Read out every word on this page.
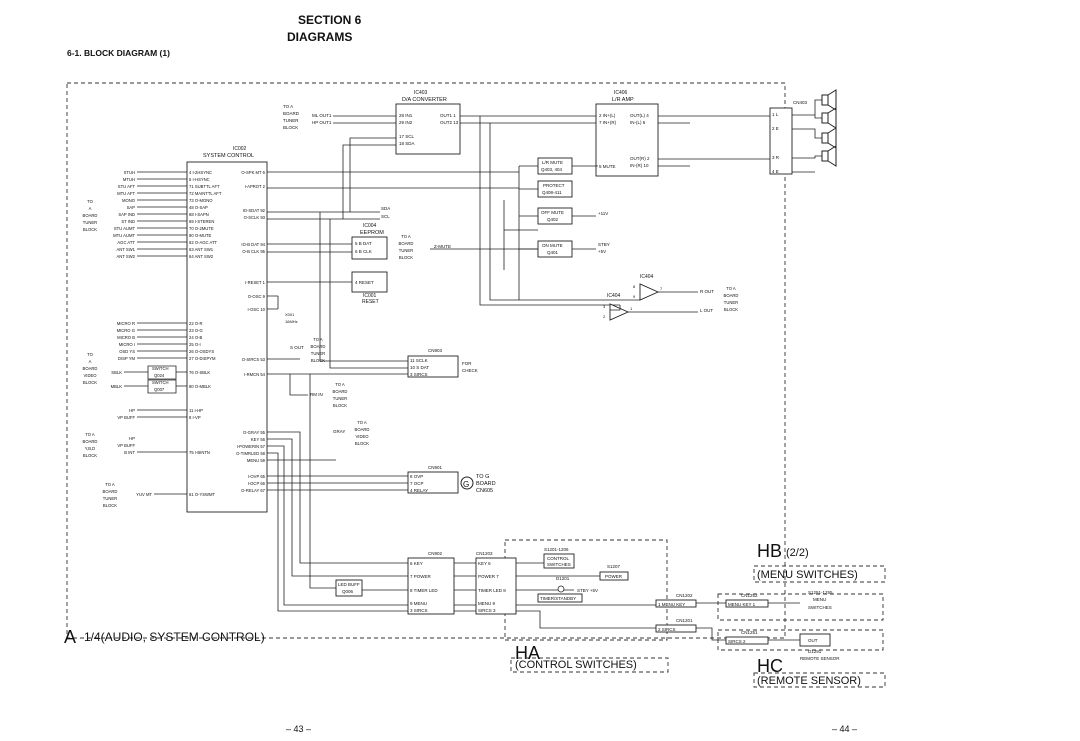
SECTION 6
DIAGRAMS
6-1. BLOCK DIAGRAM (1)
– 43 –	– 44 –
A 1/4(AUDIO, SYSTEM CONTROL)
IC403
D/A CONVERTER
28 IN1
29 IN2
17 SCL
18 SDA
OUT1 1
OUT2 13
TO A
BOARD
TUNER
BLOCK
ML OUT1
HP OUT1
IC406
L/R AMP
2 IN+(L)
7 IN+(R)
5 MUTE
OUT(L) 4
IN-(L) 6
OUT(R) 2
IN-(R) 10
L/R MUTE
Q403, 404
PROTECT
Q408-411
OFF MUTE
Q402
ON MUTE
Q401
+11V
STBY
+5V
CN403
1 L
2 E
3 R
4 E
IC404
IC404
8
9
7
3
2
1
R OUT
L OUT
IC002
SYSTEM CONTROL
4 I-2HSYNC
5 I-HSYNC
71 SUBTTL AFT
72 MAINTTL AFT
73 O-MONO
48 O-SAP
68 I-SAPN
69 I-STEREN
70 O-2MUTE
90 O-MUTE
62 O-AGC ATT
63 ANT SW1
64 ANT SW2
22 O-R
23 O-G
24 O-B
25 O-I
26 O-OSDYS
27 O-DISPYM
76 O-SBLK
80 O-MBLK
11 I-HP
8 I-VP
75 I-BINTN
61 O-YSWMT
O-SPK MT 6
I-APROT 2
IO-SDAT 92
O-SCLK 93
IO-B DAT 94
O-B CLK 95
I-RESET 1
O-OSC 9
I-OSC 10
O-SIRCS 53
I-RMCN 54
O-GRAY 55
KEY 56
I-POWERIN 57
O-TIMRLED 58
MENU 59
I-OVP 65
I-OCP 66
O-RELAY 67
STUH
MTUH
STU AFT
MTU AFT
MONO
SAP
SAP IND
ST IND
STU AUMT
MTU AUMT
AGC ATT
ANT SW1
ANT SW2
MICRO R
MICRO G
MICRO B
MICRO I
OSD YS
DISP YM
SBLK
MBLK
SWITCH
Q024
SWITCH
Q007
HP
VP BUFF
HP
VP BUFF
B INT
YUV MT
IC004
EEPROM
5 B DAT
6 B CLK
4 RESET
IC001
RESET
X001
16MHz
SDA
SCL
Z-MUTE
CN903
11 SCLK
10 S DAT
3 SIRCS
FOR
CHECK
S OUT
RM IN
GRAY
CN901
8 OVP
7 OCP
4 RELAY
G
TO G
BOARD
CN605
CN902
6 KEY
7 POWER
8 TIMER LED
9 MENU
3 SIRCS
LED BUFF
Q006
HA
(CONTROL SWITCHES)
CN1203
KEY 6
POWER 7
TIMER LED 8
MENU 9
SIRCS 3
S1201-1206
CONTROL
SWITCHES	S1207
POWER
D1201
STBY +5V
TIMER/STANDBY
HB (2/2)
(MENU SWITCHES)
CN1202
1 MENU KEY
CN1252
MENU KEY 1
S1251-1255
MENU
SWITCHES
HC
(REMOTE SENSOR)
CN1201
2 SIRCS
CN1251
SIRCS 2	OUT
D1291
REMOTE SENSOR
TO
A
BOARD
TUNER
BLOCK
TO
A
BOARD
VIDEO
BLOCK
TO A
BOARD
Y,B,D
BLOCK
TO A
BOARD
TUNER
BLOCK
TO A
BOARD
TUNER
BLOCK
TO A
BOARD
TUNER
BLOCK
TO A
BOARD
TUNER
BLOCK
TO A
BOARD
VIDEO
BLOCK
TO A
BOARD
TUNER
BLOCK
